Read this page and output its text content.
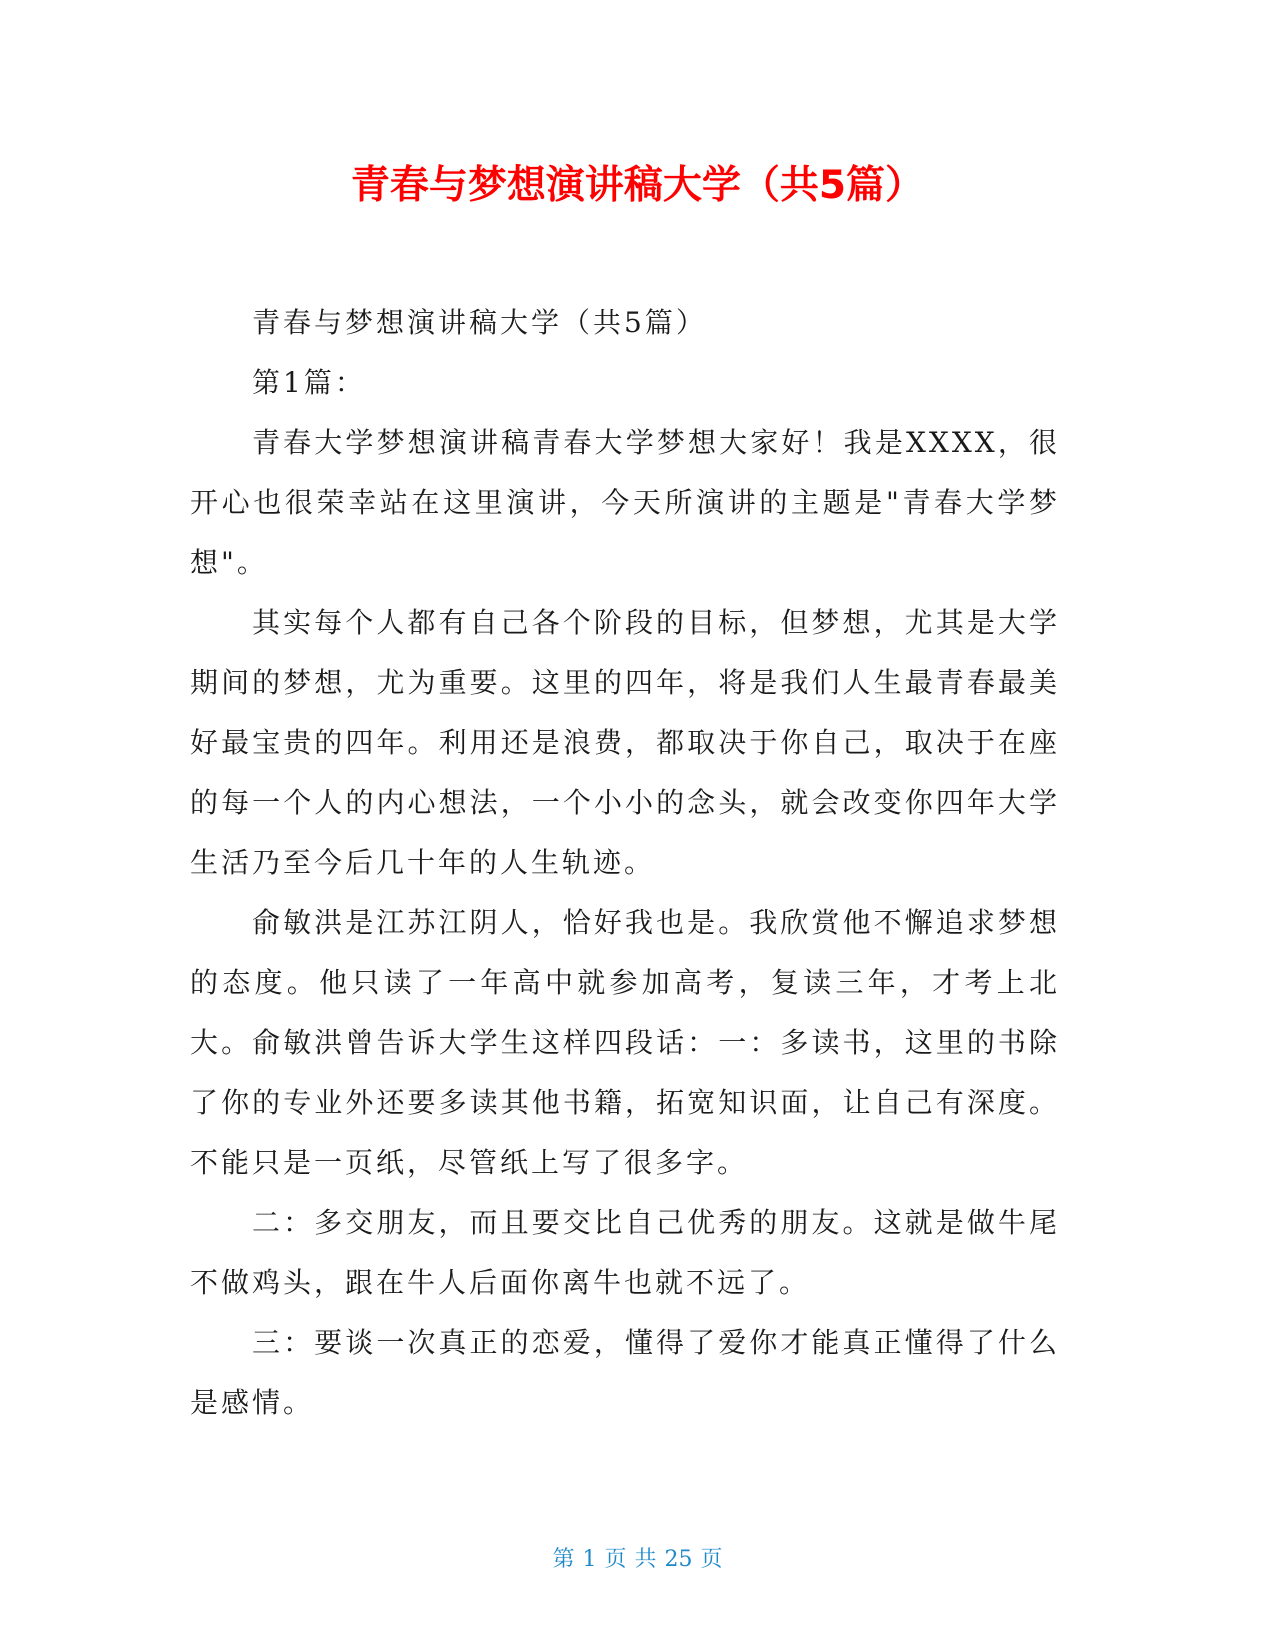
青春与梦想演讲稿大学（共5篇）

青春与梦想演讲稿大学（共5篇）

第1篇：

青春大学梦想演讲稿青春大学梦想大家好！我是XXXX，很开心也很荣幸站在这里演讲，今天所演讲的主题是"青春大学梦想"。

其实每个人都有自己各个阶段的目标，但梦想，尤其是大学期间的梦想，尤为重要。这里的四年，将是我们人生最青春最美好最宝贵的四年。利用还是浪费，都取决于你自己，取决于在座的每一个人的内心想法，一个小小的念头，就会改变你四年大学生活乃至今后几十年的人生轨迹。

俞敏洪是江苏江阴人，恰好我也是。我欣赏他不懈追求梦想的态度。他只读了一年高中就参加高考，复读三年，才考上北大。俞敏洪曾告诉大学生这样四段话：一：多读书，这里的书除了你的专业外还要多读其他书籍，拓宽知识面，让自己有深度。不能只是一页纸，尽管纸上写了很多字。

二：多交朋友，而且要交比自己优秀的朋友。这就是做牛尾不做鸡头，跟在牛人后面你离牛也就不远了。

三：要谈一次真正的恋爱，懂得了爱你才能真正懂得了什么是感情。

第 1 页 共 25 页
